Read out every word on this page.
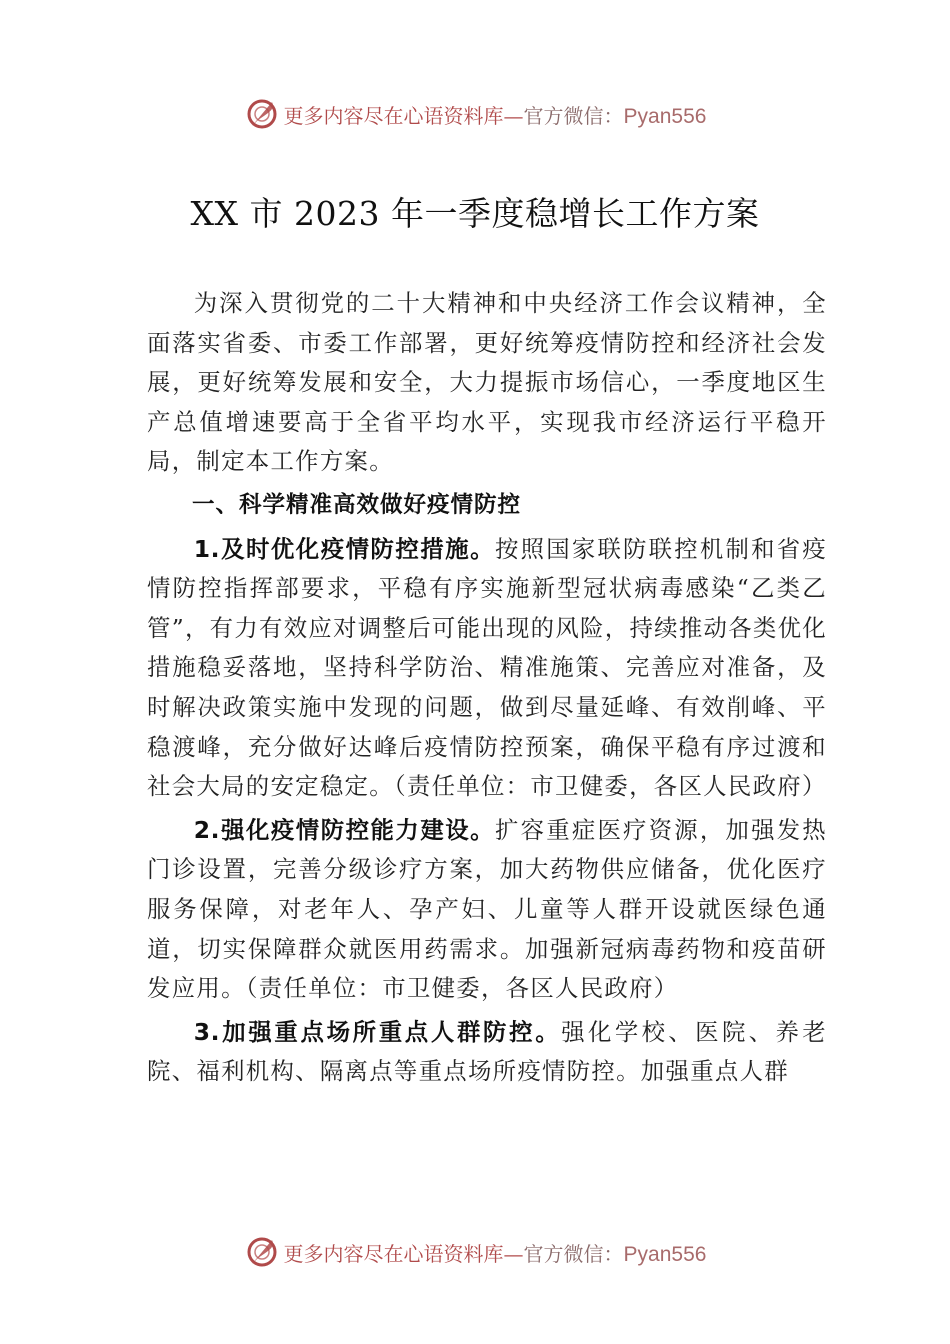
更多内容尽在心语资料库—官方微信：Pyan556
XX 市 2023 年一季度稳增长工作方案

为深入贯彻党的二十大精神和中央经济工作会议精神，全面落实省委、市委工作部署，更好统筹疫情防控和经济社会发展，更好统筹发展和安全，大力提振市场信心，一季度地区生产总值增速要高于全省平均水平，实现我市经济运行平稳开局，制定本工作方案。

一、科学精准高效做好疫情防控

1.及时优化疫情防控措施。按照国家联防联控机制和省疫情防控指挥部要求，平稳有序实施新型冠状病毒感染“乙类乙管”，有力有效应对调整后可能出现的风险，持续推动各类优化措施稳妥落地，坚持科学防治、精准施策、完善应对准备，及时解决政策实施中发现的问题，做到尽量延峰、有效削峰、平稳渡峰，充分做好达峰后疫情防控预案，确保平稳有序过渡和社会大局的安定稳定。（责任单位：市卫健委，各区人民政府）

2.强化疫情防控能力建设。扩容重症医疗资源，加强发热门诊设置，完善分级诊疗方案，加大药物供应储备，优化医疗服务保障，对老年人、孕产妇、儿童等人群开设就医绿色通道，切实保障群众就医用药需求。加强新冠病毒药物和疫苗研发应用。（责任单位：市卫健委，各区人民政府）

3.加强重点场所重点人群防控。强化学校、医院、养老院、福利机构、隔离点等重点场所疫情防控。加强重点人群

更多内容尽在心语资料库—官方微信：Pyan556
